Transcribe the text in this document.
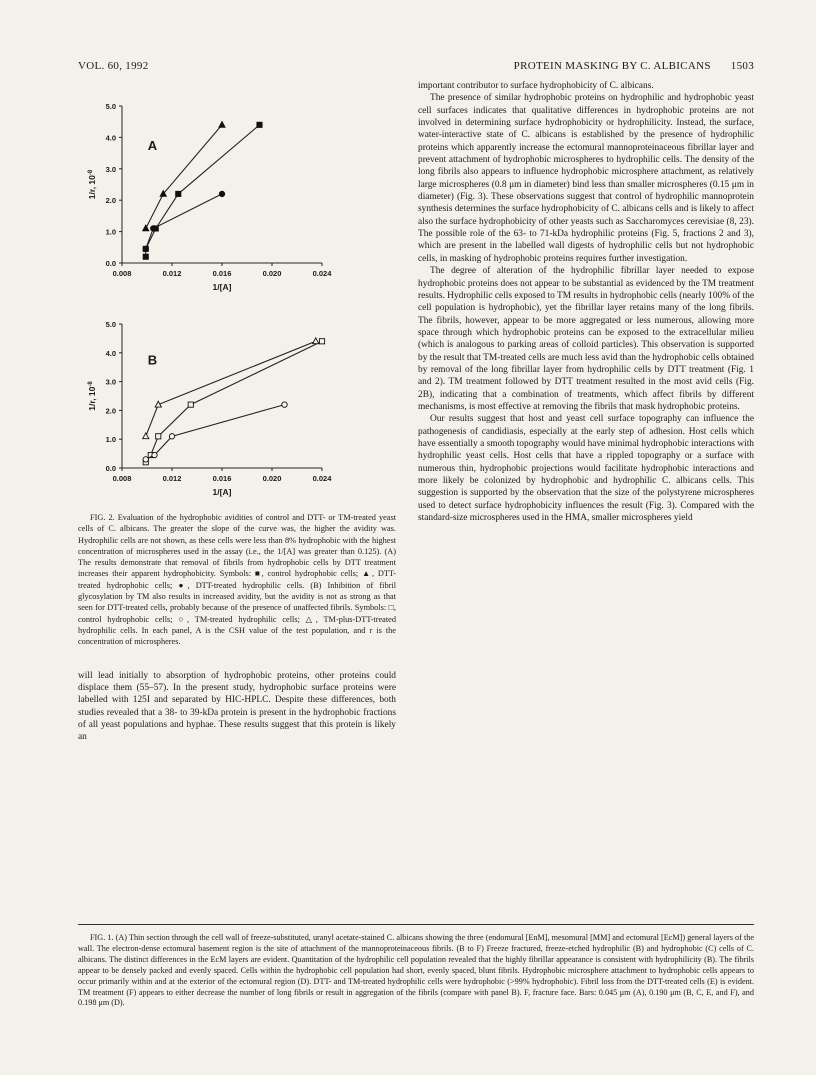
VOL. 60, 1992	PROTEIN MASKING BY C. ALBICANS 1503
0.0
1.0
2.0
3.0
4.0
5.0
0.008	0.012	0.016	0.020	0.024
1/[A]
1/r, $10^{-8}$
A
0.0
1.0
2.0
3.0
4.0
5.0
0.008	0.012	0.016	0.020	0.024
1/[A]
1/r, $10^{-8}$
B

FIG. 2. Evaluation of the hydrophobic avidities of control and DTT- or TM-treated yeast cells of C. albicans. The greater the slope of the curve was, the higher the avidity was. Hydrophilic cells are not shown, as these cells were less than 8% hydrophobic with the highest concentration of microspheres used in the assay (i.e., the 1/[A] was greater than 0.125). (A) The results demonstrate that removal of fibrils from hydrophobic cells by DTT treatment increases their apparent hydrophobicity. Symbols: ■, control hydrophobic cells; ▲, DTT-treated hydrophobic cells; ●, DTT-treated hydrophilic cells. (B) Inhibition of fibril glycosylation by TM also results in increased avidity, but the avidity is not as strong as that seen for DTT-treated cells, probably because of the presence of unaffected fibrils. Symbols: □, control hydrophobic cells; ○, TM-treated hydrophilic cells; △, TM-plus-DTT-treated hydrophilic cells. In each panel, A is the CSH value of the test population, and r is the concentration of microspheres.

will lead initially to absorption of hydrophobic proteins, other proteins could displace them (55–57). In the present study, hydrophobic surface proteins were labelled with 125I and separated by HIC-HPLC. Despite these differences, both studies revealed that a 38- to 39-kDa protein is present in the hydrophobic fractions of all yeast populations and hyphae. These results suggest that this protein is likely an

important contributor to surface hydrophobicity of C. albicans.

The presence of similar hydrophobic proteins on hydrophilic and hydrophobic yeast cell surfaces indicates that qualitative differences in hydrophobic proteins are not involved in determining surface hydrophobicity or hydrophilicity. Instead, the surface, water-interactive state of C. albicans is established by the presence of hydrophilic proteins which apparently increase the ectomural mannoproteinaceous fibrillar layer and prevent attachment of hydrophobic microspheres to hydrophilic cells. The density of the long fibrils also appears to influence hydrophobic microsphere attachment, as relatively large microspheres (0.8 μm in diameter) bind less than smaller microspheres (0.15 μm in diameter) (Fig. 3). These observations suggest that control of hydrophilic mannoprotein synthesis determines the surface hydrophobicity of C. albicans cells and is likely to affect also the surface hydrophobicity of other yeasts such as Saccharomyces cerevisiae (8, 23). The possible role of the 63- to 71-kDa hydrophilic proteins (Fig. 5, fractions 2 and 3), which are present in the labelled wall digests of hydrophilic cells but not hydrophobic cells, in masking of hydrophobic proteins requires further investigation.

The degree of alteration of the hydrophilic fibrillar layer needed to expose hydrophobic proteins does not appear to be substantial as evidenced by the TM treatment results. Hydrophilic cells exposed to TM results in hydrophobic cells (nearly 100% of the cell population is hydrophobic), yet the fibrillar layer retains many of the long fibrils. The fibrils, however, appear to be more aggregated or less numerous, allowing more space through which hydrophobic proteins can be exposed to the extracellular milieu (which is analogous to parking areas of colloid particles). This observation is supported by the result that TM-treated cells are much less avid than the hydrophobic cells obtained by removal of the long fibrillar layer from hydrophilic cells by DTT treatment (Fig. 1 and 2). TM treatment followed by DTT treatment resulted in the most avid cells (Fig. 2B), indicating that a combination of treatments, which affect fibrils by different mechanisms, is most effective at removing the fibrils that mask hydrophobic proteins.

Our results suggest that host and yeast cell surface topography can influence the pathogenesis of candidiasis, especially at the early step of adhesion. Host cells which have essentially a smooth topography would have minimal hydrophobic interactions with hydrophilic yeast cells. Host cells that have a rippled topography or a surface with numerous thin, hydrophobic projections would facilitate hydrophobic interactions and more likely be colonized by hydrophobic and hydrophilic C. albicans cells. This suggestion is supported by the observation that the size of the polystyrene microspheres used to detect surface hydrophobicity influences the result (Fig. 3). Compared with the standard-size microspheres used in the HMA, smaller microspheres yield

FIG. 1. (A) Thin section through the cell wall of freeze-substituted, uranyl acetate-stained C. albicans showing the three (endomural [EnM], mesomural [MM] and ectomural [EcM]) general layers of the wall. The electron-dense ectomural basement region is the site of attachment of the mannoproteinaceous fibrils. (B to F) Freeze fractured, freeze-etched hydrophilic (B) and hydrophobic (C) cells of C. albicans. The distinct differences in the EcM layers are evident. Quantitation of the hydrophilic cell population revealed that the highly fibrillar appearance is consistent with hydrophilicity (B). The fibrils appear to be densely packed and evenly spaced. Cells within the hydrophobic cell population had short, evenly spaced, blunt fibrils. Hydrophobic microsphere attachment to hydrophobic cells appears to occur primarily within and at the exterior of the ectomural region (D). DTT- and TM-treated hydrophilic cells were hydrophobic (>99% hydrophobic). Fibril loss from the DTT-treated cells (E) is evident. TM treatment (F) appears to either decrease the number of long fibrils or result in aggregation of the fibrils (compare with panel B). F, fracture face. Bars: 0.045 μm (A), 0.190 μm (B, C, E, and F), and 0.198 μm (D).
